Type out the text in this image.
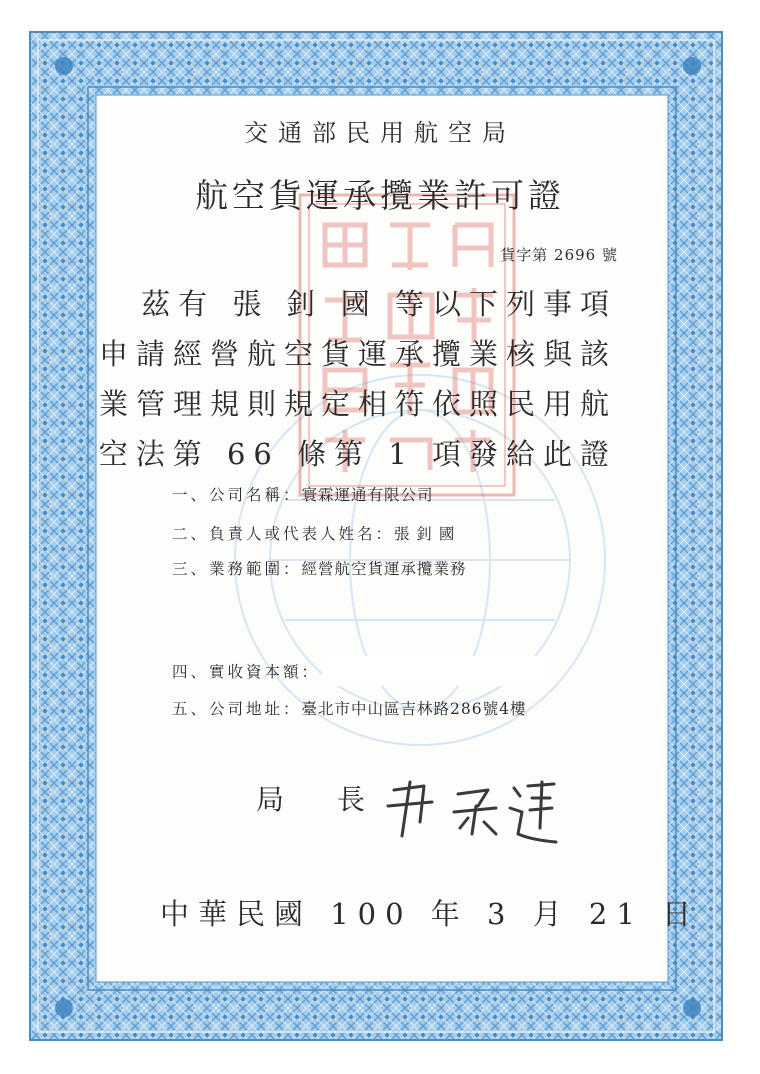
交通部民用航空局
航空貨運承攬業許可證
貨字第 2696 號
茲有 張 釗 國 等以下列事項
申請經營航空貨運承攬業核與該
業管理規則規定相符依照民用航
空法第 66 條第 1 項發給此證
一、公司名稱：寰霖運通有限公司
二、負責人或代表人姓名：張 釗 國
三、業務範圍：經營航空貨運承攬業務
四、實收資本額：
五、公司地址：臺北市中山區吉林路286號4樓
局 長
中華民國 100 年 3 月 21 日
